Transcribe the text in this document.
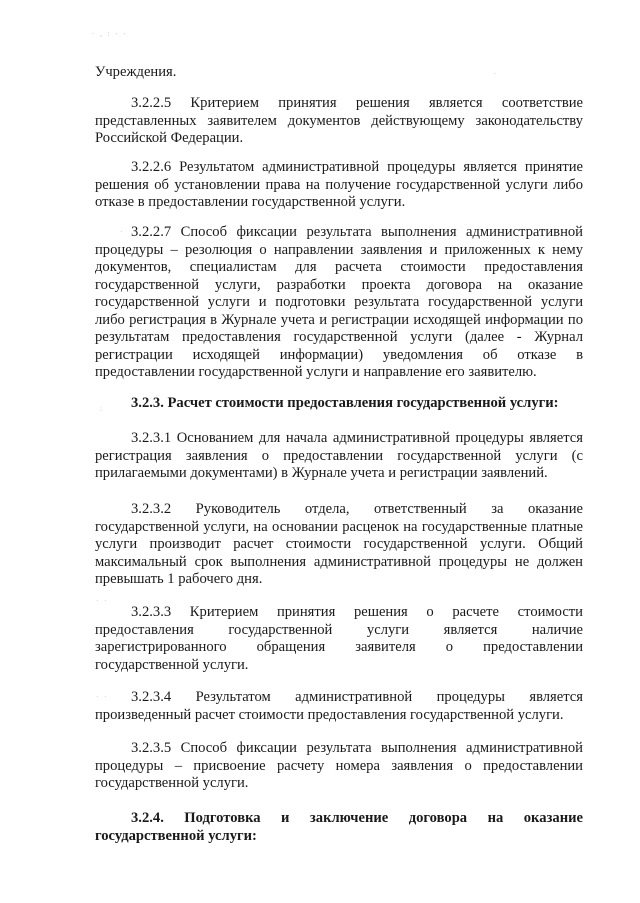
· , : · ·
.
:
· ·
· ·
·

Учреждения.

3.2.2.5 Критерием принятия решения является соответствие представленных заявителем документов действующему законодательству Российской Федерации.

3.2.2.6 Результатом административной процедуры является принятие решения об установлении права на получение государственной услуги либо отказе в предоставлении государственной услуги.

3.2.2.7 Способ фиксации результата выполнения административной процедуры – резолюция о направлении заявления и приложенных к нему документов, специалистам для расчета стоимости предоставления государственной услуги, разработки проекта договора на оказание государственной услуги и подготовки результата государственной услуги либо регистрация в Журнале учета и регистрации исходящей информации по результатам предоставления государственной услуги (далее - Журнал регистрации исходящей информации) уведомления об отказе в предоставлении государственной услуги и направление его заявителю.

3.2.3. Расчет стоимости предоставления государственной услуги:

3.2.3.1 Основанием для начала административной процедуры является регистрация заявления о предоставлении государственной услуги (с прилагаемыми документами) в Журнале учета и регистрации заявлений.

3.2.3.2 Руководитель отдела, ответственный за оказание государственной услуги, на основании расценок на государственные платные услуги производит расчет стоимости государственной услуги. Общий максимальный срок выполнения административной процедуры не должен превышать 1 рабочего дня.

3.2.3.3 Критерием принятия решения о расчете стоимости предоставления государственной услуги является наличие зарегистрированного обращения заявителя о предоставлении государственной услуги.

3.2.3.4 Результатом административной процедуры является произведенный расчет стоимости предоставления государственной услуги.

3.2.3.5 Способ фиксации результата выполнения административной процедуры – присвоение расчету номера заявления о предоставлении государственной услуги.

3.2.4. Подготовка и заключение договора на оказание государственной услуги:
